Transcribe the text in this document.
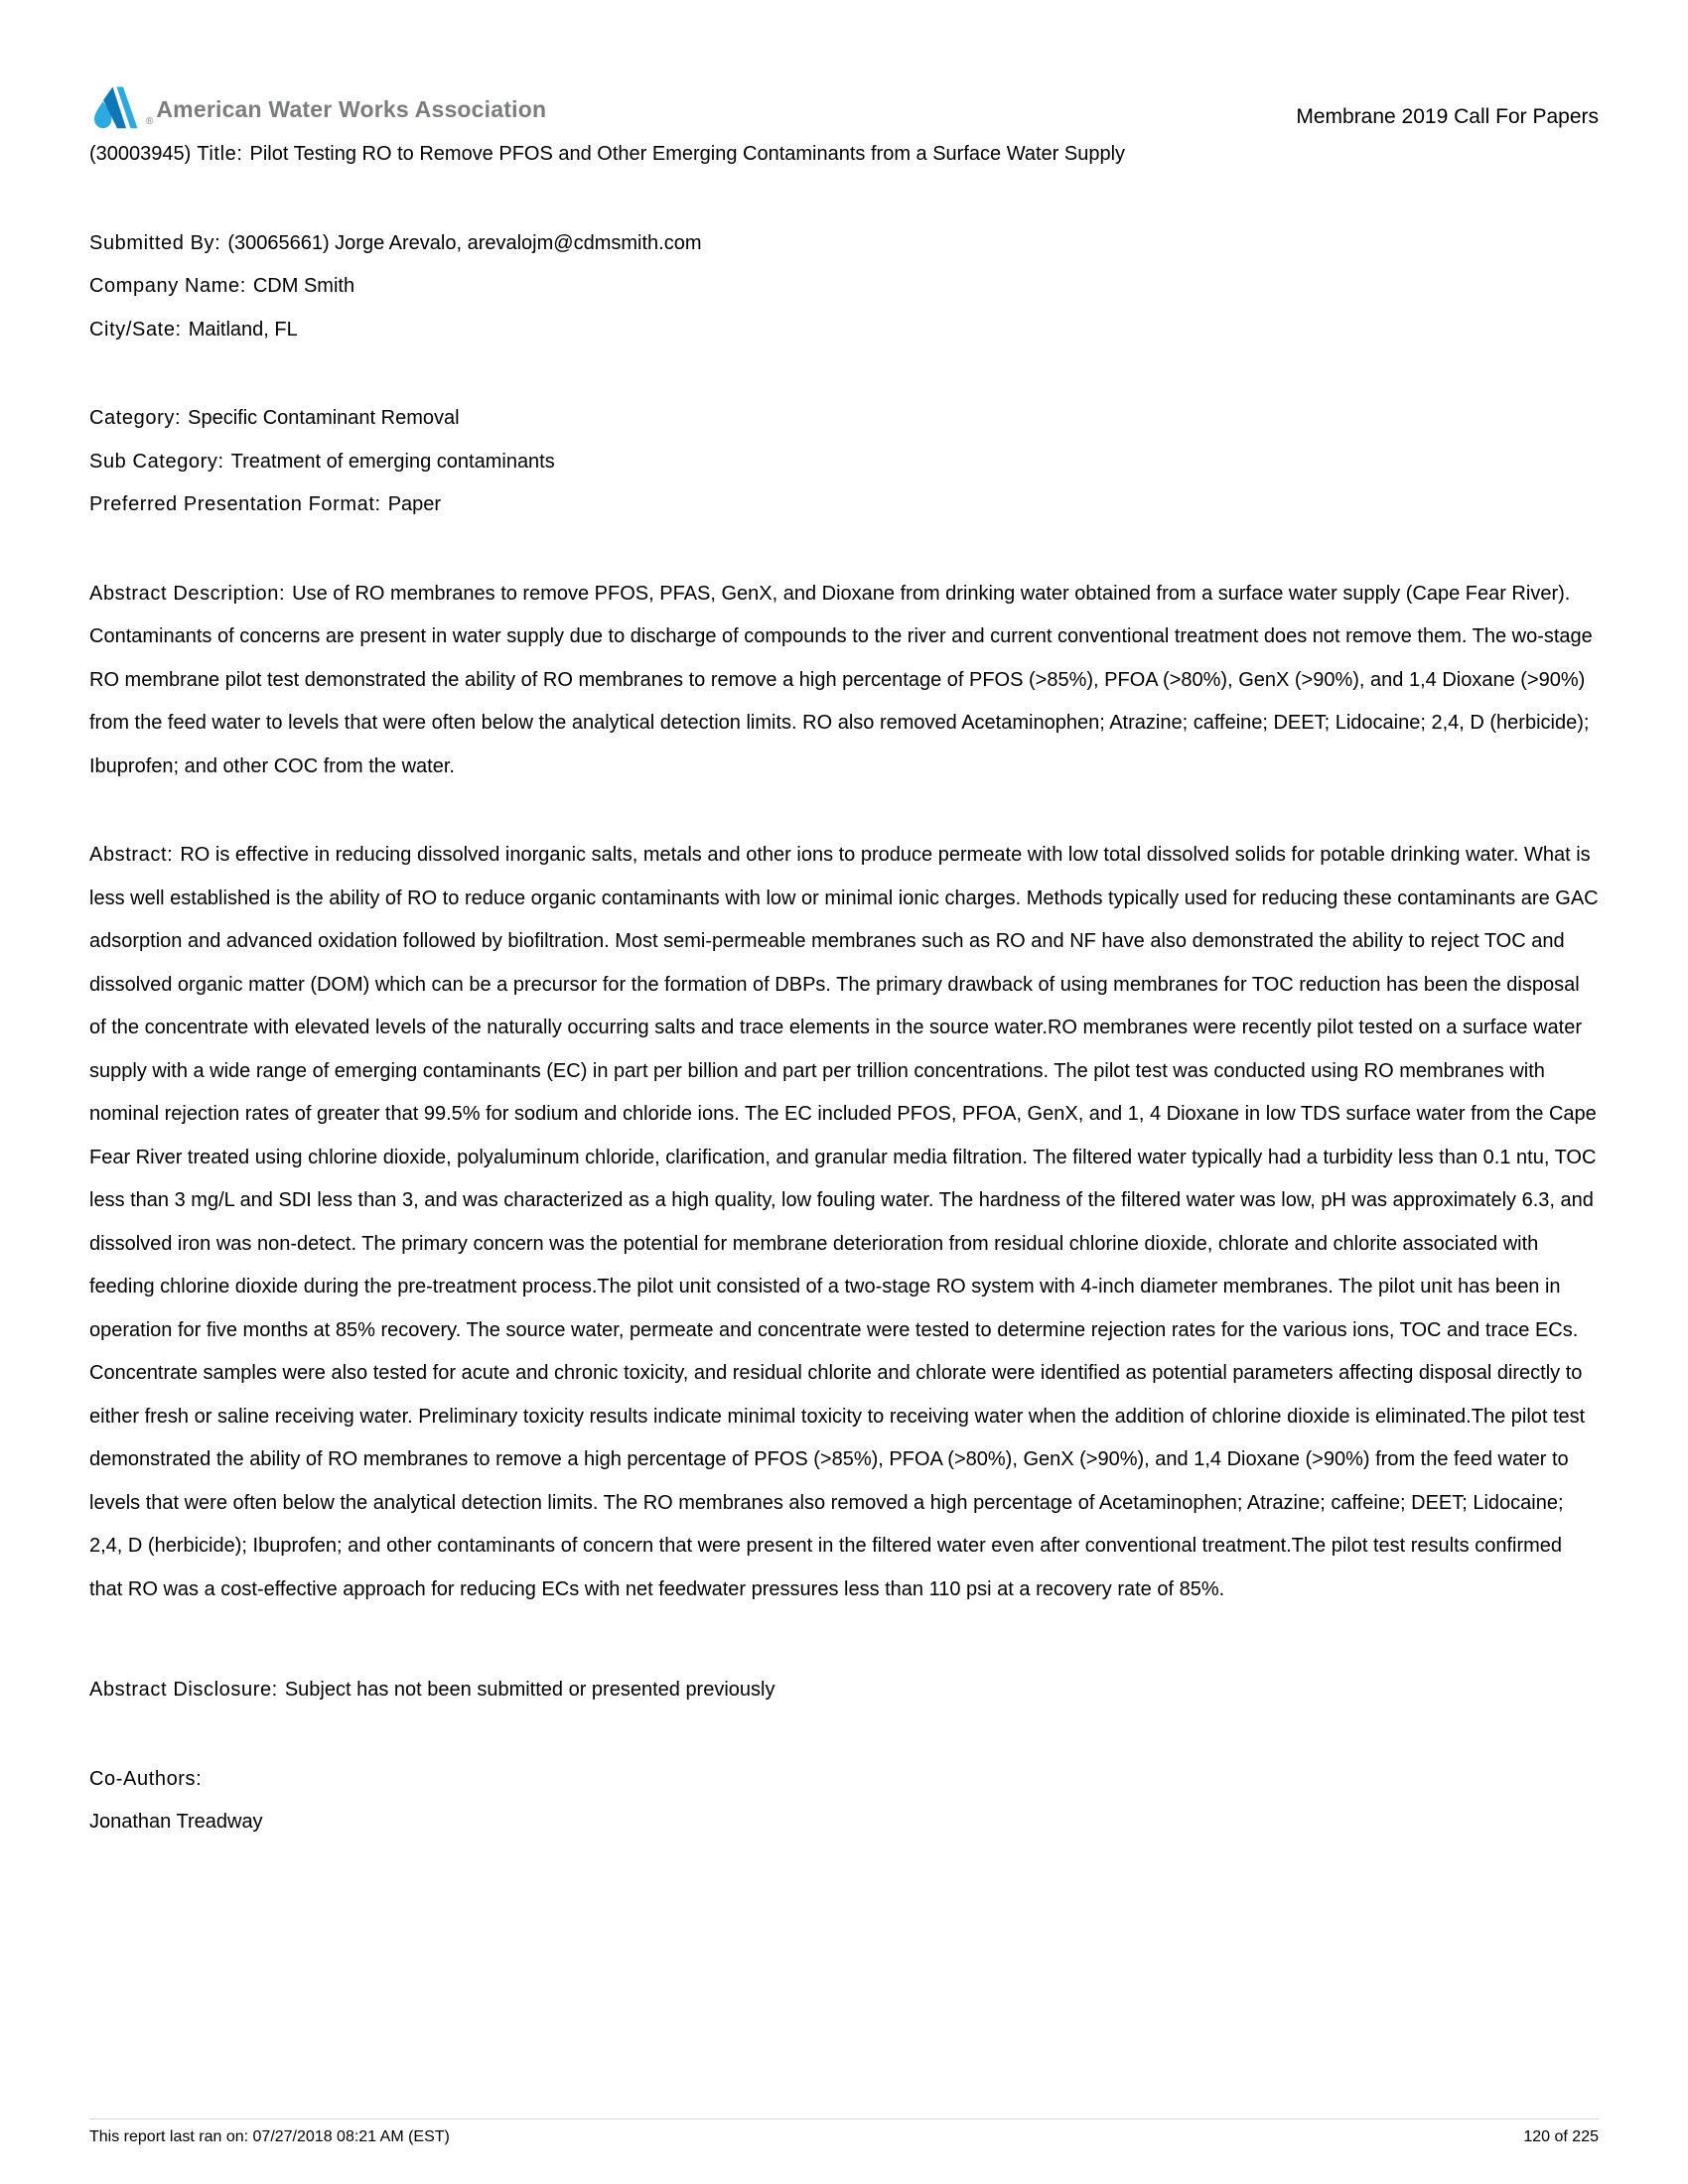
® American Water Works Association	Membrane 2019 Call For Papers

(30003945) Title: Pilot Testing RO to Remove PFOS and Other Emerging Contaminants from a Surface Water Supply

Submitted By: (30065661) Jorge Arevalo, arevalojm@cdmsmith.com

Company Name: CDM Smith

City/Sate: Maitland, FL

Category: Specific Contaminant Removal

Sub Category: Treatment of emerging contaminants

Preferred Presentation Format: Paper

Abstract Description: Use of RO membranes to remove PFOS, PFAS, GenX, and Dioxane from drinking water obtained from a surface water supply (Cape Fear River). Contaminants of concerns are present in water supply due to discharge of compounds to the river and current conventional treatment does not remove them. The wo-stage RO membrane pilot test demonstrated the ability of RO membranes to remove a high percentage of PFOS (>85%), PFOA (>80%), GenX (>90%), and 1,4 Dioxane (>90%) from the feed water to levels that were often below the analytical detection limits. RO also removed Acetaminophen; Atrazine; caffeine; DEET; Lidocaine; 2,4, D (herbicide); Ibuprofen; and other COC from the water.

Abstract: RO is effective in reducing dissolved inorganic salts, metals and other ions to produce permeate with low total dissolved solids for potable drinking water. What is less well established is the ability of RO to reduce organic contaminants with low or minimal ionic charges. Methods typically used for reducing these contaminants are GAC adsorption and advanced oxidation followed by biofiltration. Most semi-permeable membranes such as RO and NF have also demonstrated the ability to reject TOC and dissolved organic matter (DOM) which can be a precursor for the formation of DBPs. The primary drawback of using membranes for TOC reduction has been the disposal of the concentrate with elevated levels of the naturally occurring salts and trace elements in the source water.RO membranes were recently pilot tested on a surface water supply with a wide range of emerging contaminants (EC) in part per billion and part per trillion concentrations. The pilot test was conducted using RO membranes with nominal rejection rates of greater that 99.5% for sodium and chloride ions. The EC included PFOS, PFOA, GenX, and 1, 4 Dioxane in low TDS surface water from the Cape Fear River treated using chlorine dioxide, polyaluminum chloride, clarification, and granular media filtration. The filtered water typically had a turbidity less than 0.1 ntu, TOC less than 3 mg/L and SDI less than 3, and was characterized as a high quality, low fouling water. The hardness of the filtered water was low, pH was approximately 6.3, and dissolved iron was non-detect. The primary concern was the potential for membrane deterioration from residual chlorine dioxide, chlorate and chlorite associated with feeding chlorine dioxide during the pre-treatment process.The pilot unit consisted of a two-stage RO system with 4-inch diameter membranes. The pilot unit has been in operation for five months at 85% recovery. The source water, permeate and concentrate were tested to determine rejection rates for the various ions, TOC and trace ECs. Concentrate samples were also tested for acute and chronic toxicity, and residual chlorite and chlorate were identified as potential parameters affecting disposal directly to either fresh or saline receiving water. Preliminary toxicity results indicate minimal toxicity to receiving water when the addition of chlorine dioxide is eliminated.The pilot test demonstrated the ability of RO membranes to remove a high percentage of PFOS (>85%), PFOA (>80%), GenX (>90%), and 1,4 Dioxane (>90%) from the feed water to levels that were often below the analytical detection limits. The RO membranes also removed a high percentage of Acetaminophen; Atrazine; caffeine; DEET; Lidocaine; 2,4, D (herbicide); Ibuprofen; and other contaminants of concern that were present in the filtered water even after conventional treatment.The pilot test results confirmed that RO was a cost-effective approach for reducing ECs with net feedwater pressures less than 110 psi at a recovery rate of 85%.

Abstract Disclosure: Subject has not been submitted or presented previously

Co-Authors:

Jonathan Treadway

This report last ran on: 07/27/2018 08:21 AM (EST)	120 of 225
